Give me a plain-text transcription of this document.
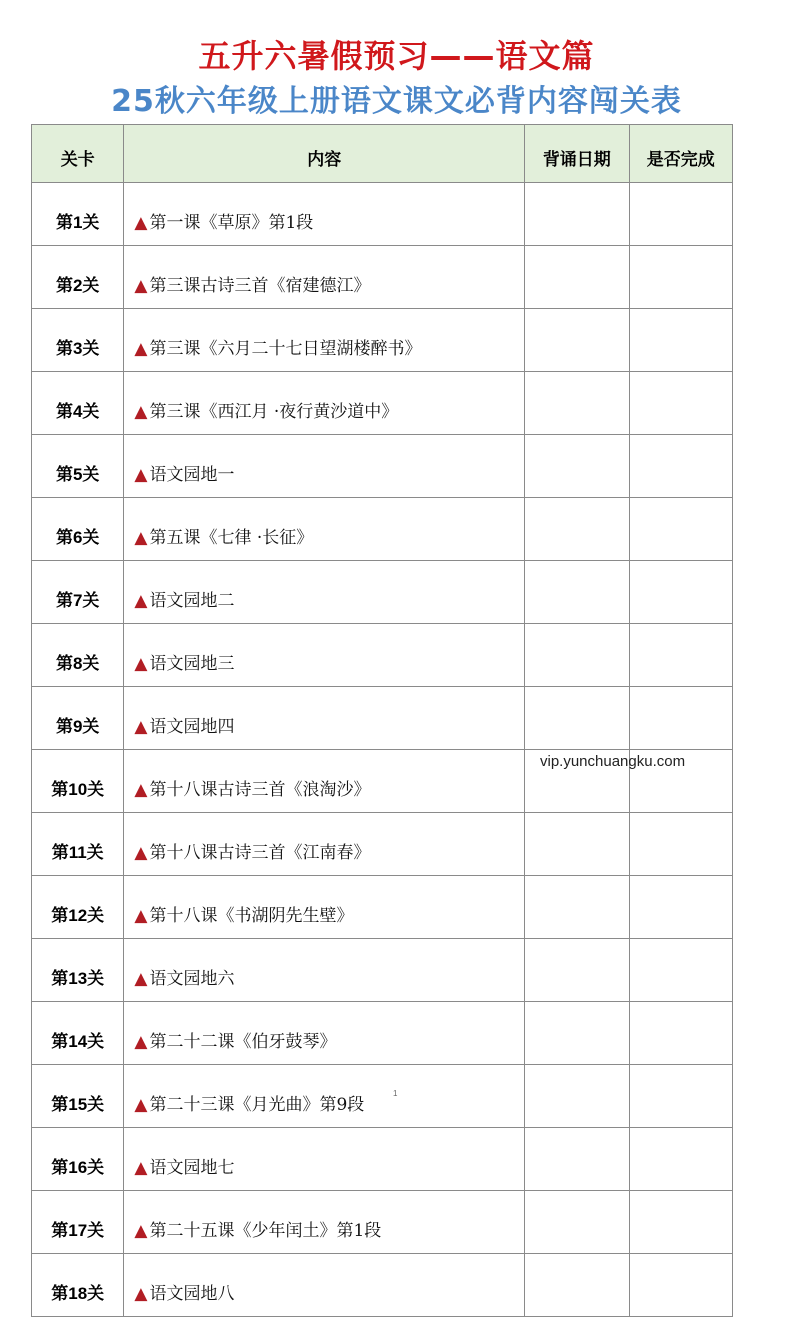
五升六暑假预习——语文篇
25秋六年级上册语文课文必背内容闯关表
关卡	内容	背诵日期	是否完成
第1关	▲ 第一课《草原》第1段		
第2关	▲ 第三课古诗三首《宿建德江》		
第3关	▲ 第三课《六月二十七日望湖楼醉书》		
第4关	▲ 第三课《西江月 ·夜行黄沙道中》		
第5关	▲ 语文园地一		
第6关	▲ 第五课《七律 ·长征》		
第7关	▲ 语文园地二		
第8关	▲ 语文园地三		
第9关	▲ 语文园地四		
第10关	▲ 第十八课古诗三首《浪淘沙》		
第11关	▲ 第十八课古诗三首《江南春》		
第12关	▲ 第十八课《书湖阴先生壁》		
第13关	▲ 语文园地六		
第14关	▲ 第二十二课《伯牙鼓琴》		
第15关	▲ 第二十三课《月光曲》第9段		
第16关	▲ 语文园地七		
第17关	▲ 第二十五课《少年闰土》第1段		
第18关	▲ 语文园地八		
vip.yunchuangku.com
1
